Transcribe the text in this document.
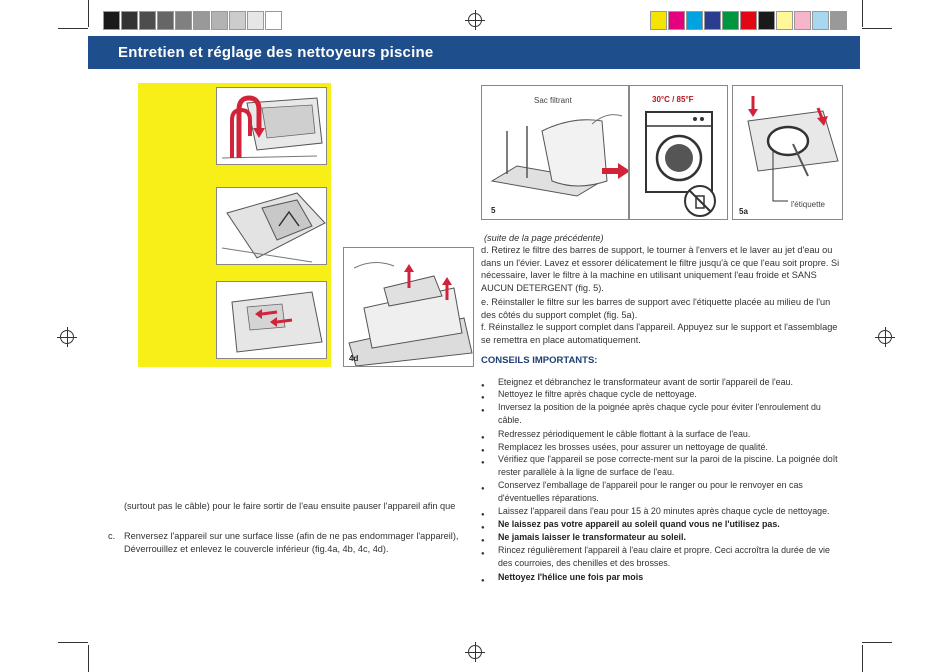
Entretien et réglage des nettoyeurs piscine
4d
Sac filtrant
5
30°C / 85°F
l'étiquette
5a
(suite de la page précédente)
d. Retirez le filtre des barres de support, le tourner à l'envers et le laver au jet d'eau ou dans un l'évier. Lavez et essorer délicatement le filtre jusqu'à ce que l'eau soit propre. Si nécessaire, laver le filtre à la machine en utilisant uniquement l'eau froide et SANS AUCUN DETERGENT (fig. 5).
e. Réinstaller le filtre sur les barres de support avec l'étiquette placée au milieu de l'un des côtés du support complet (fig. 5a).
f. Réinstallez le support complet dans l'appareil. Appuyez sur le support et l'assemblage se remettra en place automatiquement.
CONSEILS IMPORTANTS:
● Eteignez et débranchez le transformateur avant de sortir l'appareil de l'eau.
● Nettoyez le filtre après chaque cycle de nettoyage.
● Inversez la position de la poignée après chaque cycle pour éviter l'enroulement du câble.
● Redressez périodiquement le câble flottant à la surface de l'eau.
● Remplacez les brosses usées, pour assurer un nettoyage de qualité.
● Vérifiez que l'appareil se pose correcte-ment sur la paroi de la piscine. La poignée doît rester parallèle à la ligne de surface de l'eau.
● Conservez l'emballage de l'appareil pour le ranger ou pour le renvoyer en cas d'éventuelles réparations.
● Laissez l'appareil dans l'eau pour 15 à 20 minutes après chaque cycle de nettoyage.
● Ne laissez pas votre appareil au soleil quand vous ne l'utilisez pas.
● Ne jamais laisser le transformateur au soleil.
● Rincez régulièrement l'appareil à l'eau claire et propre. Ceci accroîtra la durée de vie des courroies, des chenilles et des brosses.
● Nettoyez l'hélice une fois par mois
(surtout pas le câble) pour le faire sortir de l'eau ensuite pauser l'appareil afin que
c. Renversez l'appareil sur une surface lisse (afin de ne pas endommager l'appareil),
Déverrouillez et enlevez le couvercle inférieur (fig.4a, 4b, 4c, 4d).
